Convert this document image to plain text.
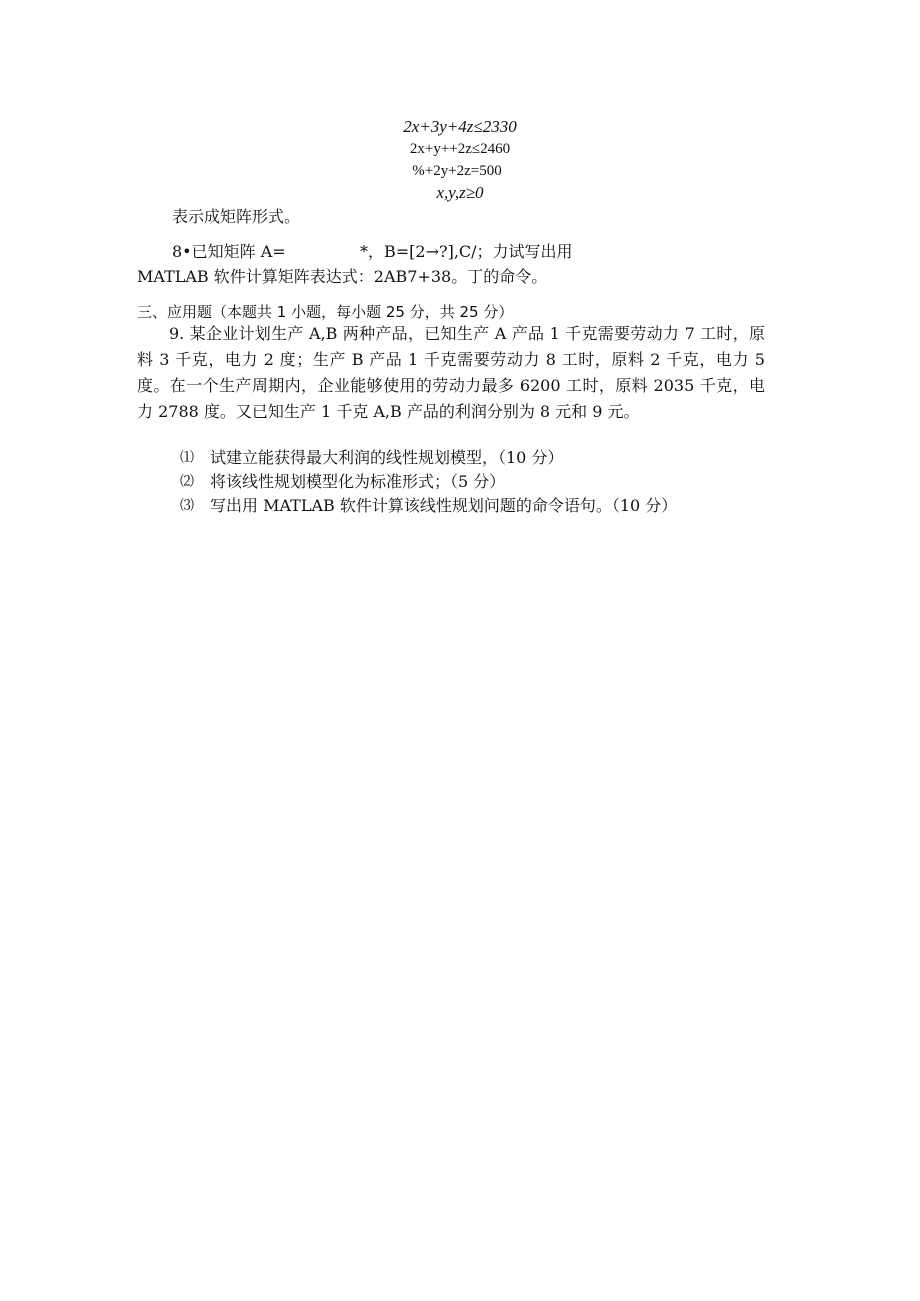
2x+3y+4z≤2330
2x+y++2z≤2460
%+2y+2z=500
x,y,z≥0
表示成矩阵形式。
8•已知矩阵 A=	*，B=[2→?],C/；力试写出用
MATLAB 软件计算矩阵表达式：2AB7+38。丁的命令。
三、应用题（本题共 1 小题，每小题 25 分，共 25 分）
9. 某企业计划生产 A,B 两种产品，已知生产 A 产品 1 千克需要劳动力 7 工时，原料 3 千克，电力 2 度；生产 B 产品 1 千克需要劳动力 8 工时，原料 2 千克，电力 5 度。在一个生产周期内，企业能够使用的劳动力最多 6200 工时，原料 2035 千克，电力 2788 度。又已知生产 1 千克 A,B 产品的利润分别为 8 元和 9 元。
⑴	试建立能获得最大利润的线性规划模型，（10 分）
⑵	将该线性规划模型化为标准形式；（5 分）
⑶	写出用 MATLAB 软件计算该线性规划问题的命令语句。（10 分）
